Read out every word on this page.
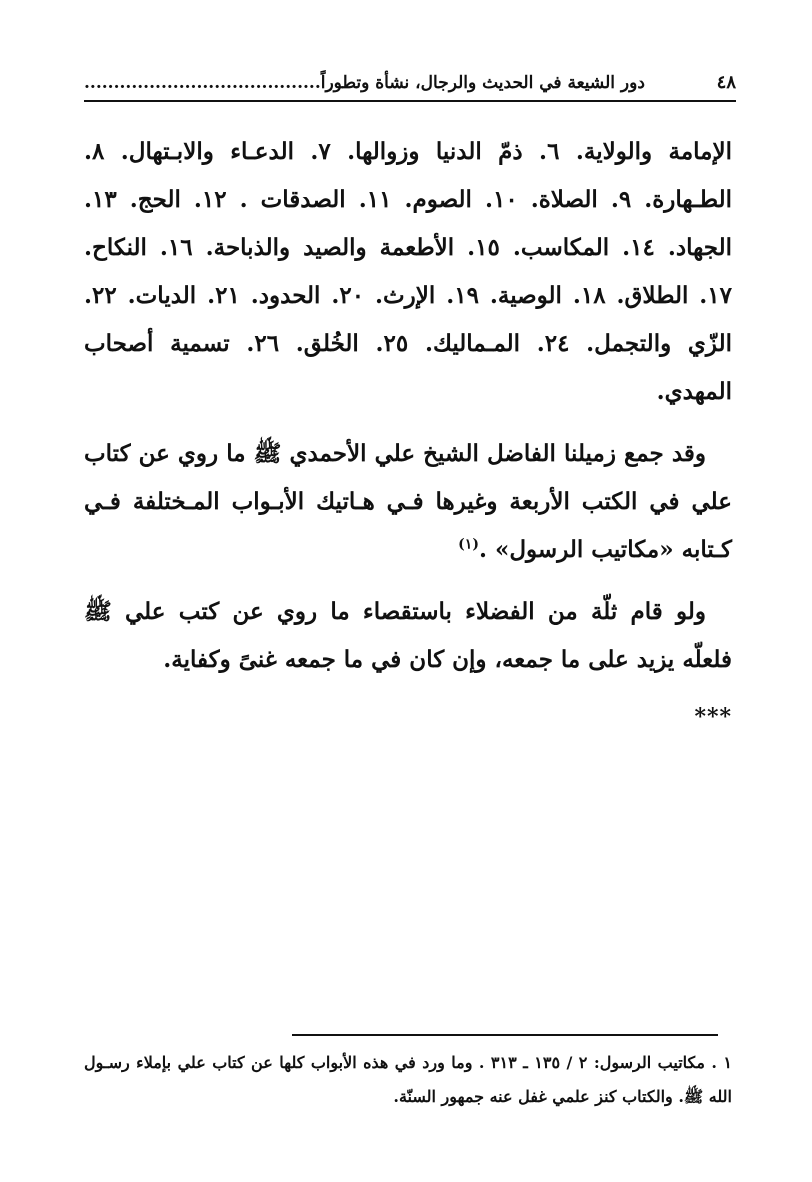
٤٨
دور الشيعة في الحديث والرجال، نشأة وتطوراً........................................

الإمامة والولاية. ٦. ذمّ الدنيا وزوالها. ٧. الدعـاء والابـتهال. ٨. الطـهارة. ٩. الصلاة. ١٠. الصوم. ١١. الصدقات . ١٢. الحج. ١٣. الجهاد. ١٤. المكاسب. ١٥. الأطعمة والصيد والذباحة. ١٦. النكاح. ١٧. الطلاق. ١٨. الوصية. ١٩. الإرث. ٢٠. الحدود. ٢١. الديات. ٢٢. الزّي والتجمل. ٢٤. المـماليك. ٢٥. الخُلق. ٢٦. تسمية أصحاب المهدي.

وقد جمع زميلنا الفاضل الشيخ علي الأحمدي ﷺ ما روي عن كتاب علي في الكتب الأربعة وغيرها فـي هـاتيك الأبـواب المـختلفة فـي كـتابه «مكاتيب الرسول» .$^{(١)}$

ولو قام ثلّة من الفضلاء باستقصاء ما روي عن كتب علي ﷺ فلعلّه يزيد على ما جمعه، وإن كان في ما جمعه غنىً وكفاية.

***

١ . مكاتيب الرسول: ٢ / ١٣٥ ـ ٣١٣ . وما ورد في هذه الأبواب كلها عن كتاب علي بإملاء رسـول الله ﷺ. والكتاب كنز علمي غفل عنه جمهور السنّة.
